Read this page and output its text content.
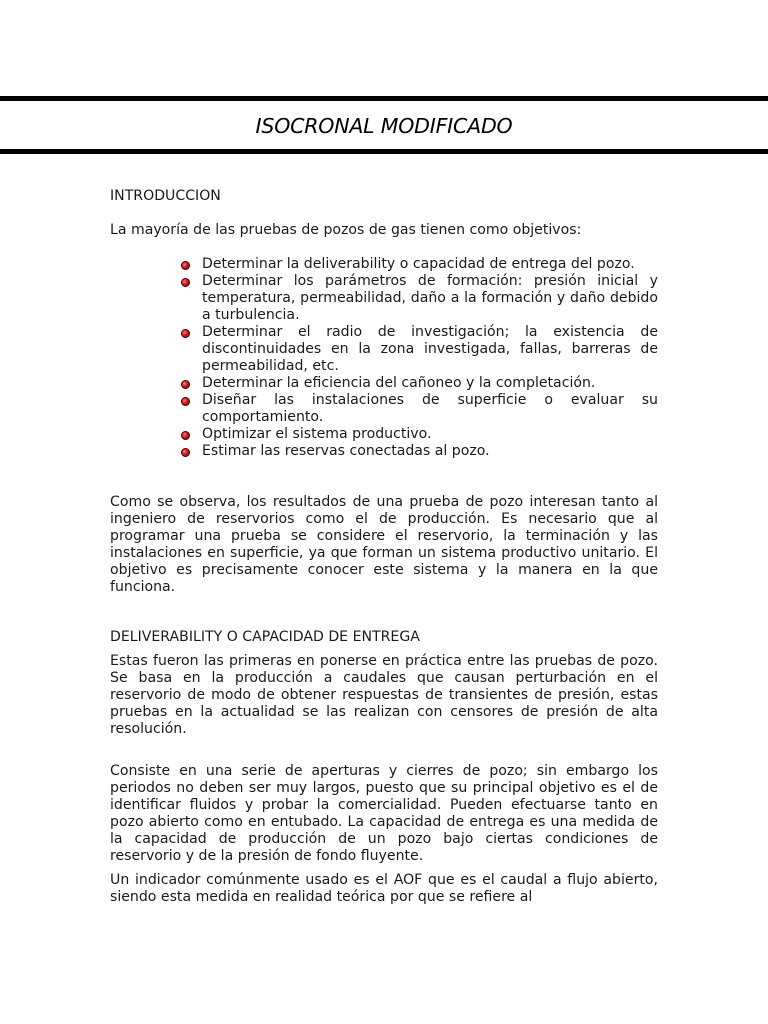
ISOCRONAL MODIFICADO
INTRODUCCION

La mayoría de las pruebas de pozos de gas tienen como objetivos:

Determinar la deliverability o capacidad de entrega del pozo.
Determinar los parámetros de formación: presión inicial y temperatura, permeabilidad, daño a la formación y daño debido a turbulencia.
Determinar el radio de investigación; la existencia de discontinuidades en la zona investigada, fallas, barreras de permeabilidad, etc.
Determinar la eficiencia del cañoneo y la completación.
Diseñar las instalaciones de superficie o evaluar su comportamiento.
Optimizar el sistema productivo.
Estimar las reservas conectadas al pozo.

Como se observa, los resultados de una prueba de pozo interesan tanto al ingeniero de reservorios como el de producción. Es necesario que al programar una prueba se considere el reservorio, la terminación y las instalaciones en superficie, ya que forman un sistema productivo unitario. El objetivo es precisamente conocer este sistema y la manera en la que funciona.

DELIVERABILITY O CAPACIDAD DE ENTREGA

Estas fueron las primeras en ponerse en práctica entre las pruebas de pozo. Se basa en la producción a caudales que causan perturbación en el reservorio de modo de obtener respuestas de transientes de presión, estas pruebas en la actualidad se las realizan con censores de presión de alta resolución.

Consiste en una serie de aperturas y cierres de pozo; sin embargo los periodos no deben ser muy largos, puesto que su principal objetivo es el de identificar fluidos y probar la comercialidad. Pueden efectuarse tanto en pozo abierto como en entubado. La capacidad de entrega es una medida de la capacidad de producción de un pozo bajo ciertas condiciones de reservorio y de la presión de fondo fluyente.

Un indicador comúnmente usado es el AOF que es el caudal a flujo abierto, siendo esta medida en realidad teórica por que se refiere al
